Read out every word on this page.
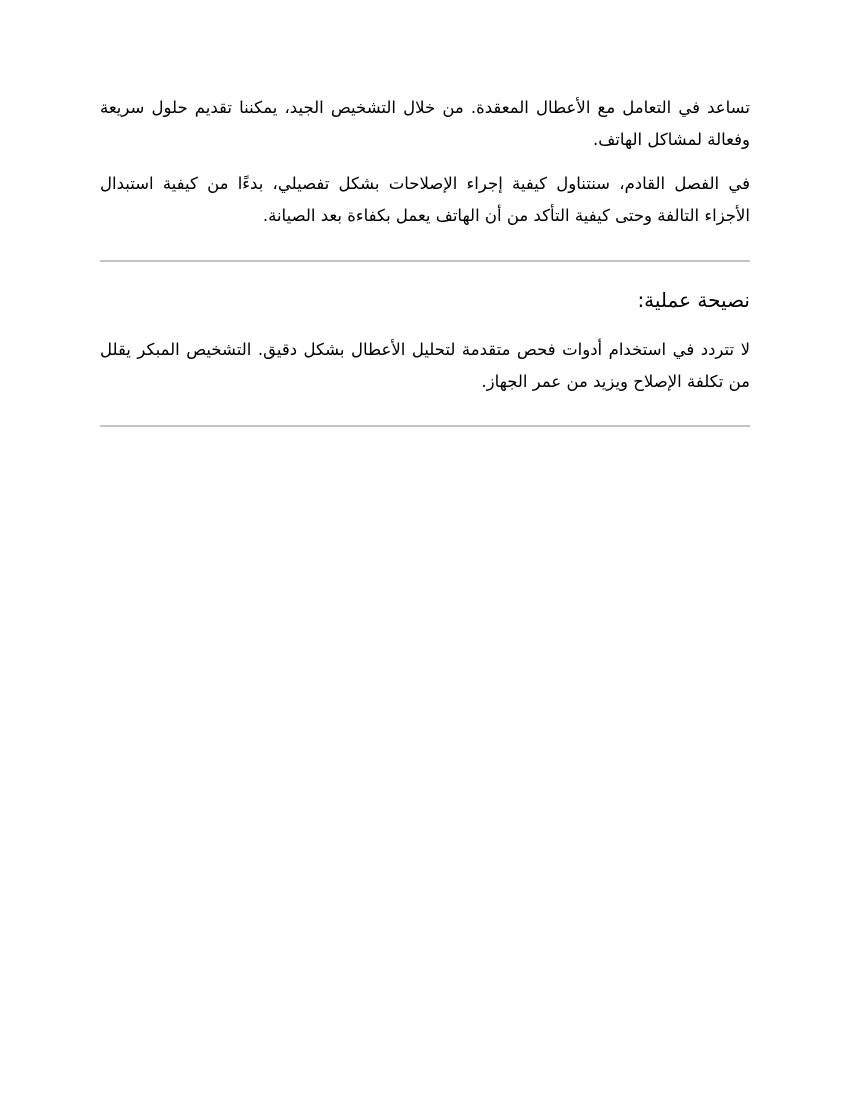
تساعد في التعامل مع الأعطال المعقدة. من خلال التشخيص الجيد، يمكننا تقديم حلول سريعة وفعالة لمشاكل الهاتف.

في الفصل القادم، سنتناول كيفية إجراء الإصلاحات بشكل تفصيلي، بدءًا من كيفية استبدال الأجزاء التالفة وحتى كيفية التأكد من أن الهاتف يعمل بكفاءة بعد الصيانة.

نصيحة عملية:

لا تتردد في استخدام أدوات فحص متقدمة لتحليل الأعطال بشكل دقيق. التشخيص المبكر يقلل من تكلفة الإصلاح ويزيد من عمر الجهاز.
